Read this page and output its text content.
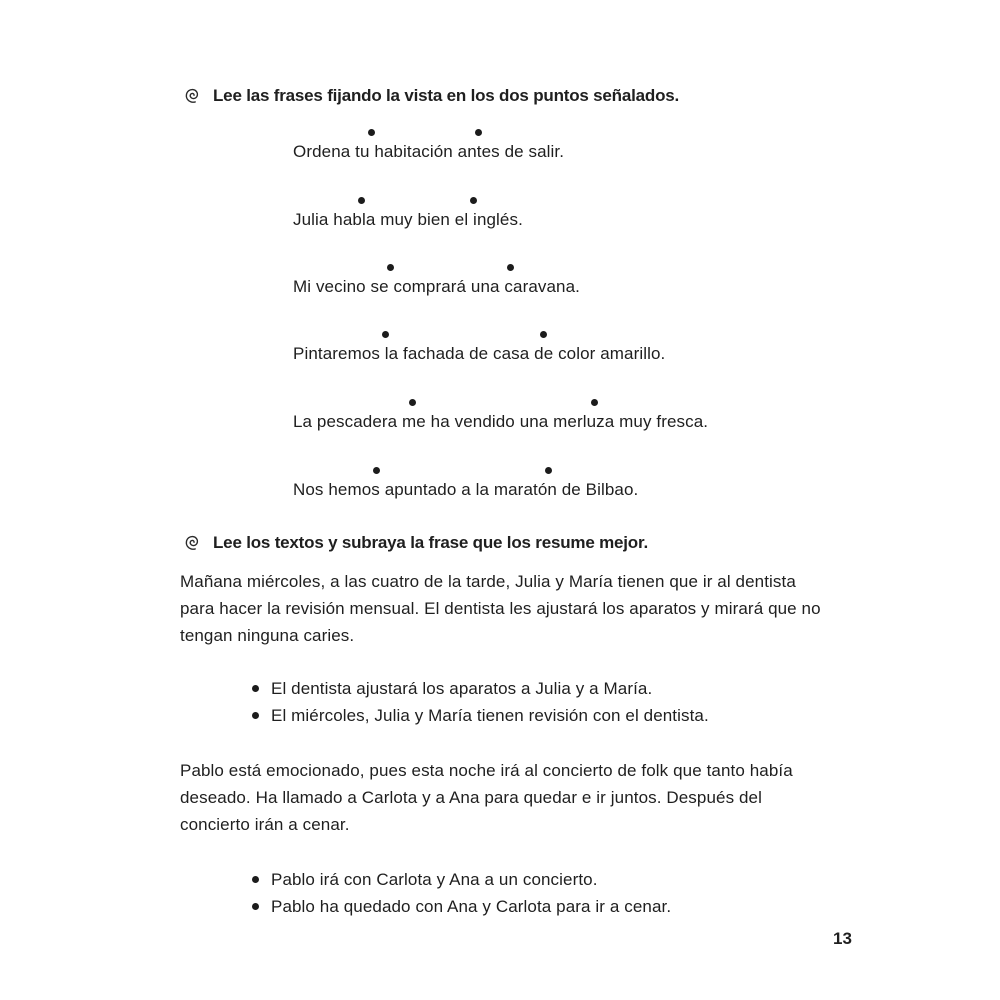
Lee las frases fijando la vista en los dos puntos señalados.
Ordena tu habitación antes de salir.
Julia habla muy bien el inglés.
Mi vecino se comprará una caravana.
Pintaremos la fachada de casa de color amarillo.
La pescadera me ha vendido una merluza muy fresca.
Nos hemos apuntado a la maratón de Bilbao.
Lee los textos y subraya la frase que los resume mejor.
Mañana miércoles, a las cuatro de la tarde, Julia y María tienen que ir al dentista
para hacer la revisión mensual. El dentista les ajustará los aparatos y mirará que no
tengan ninguna caries.
El dentista ajustará los aparatos a Julia y a María.
El miércoles, Julia y María tienen revisión con el dentista.
Pablo está emocionado, pues esta noche irá al concierto de folk que tanto había
deseado. Ha llamado a Carlota y a Ana para quedar e ir juntos. Después del
concierto irán a cenar.
Pablo irá con Carlota y Ana a un concierto.
Pablo ha quedado con Ana y Carlota para ir a cenar.
13
